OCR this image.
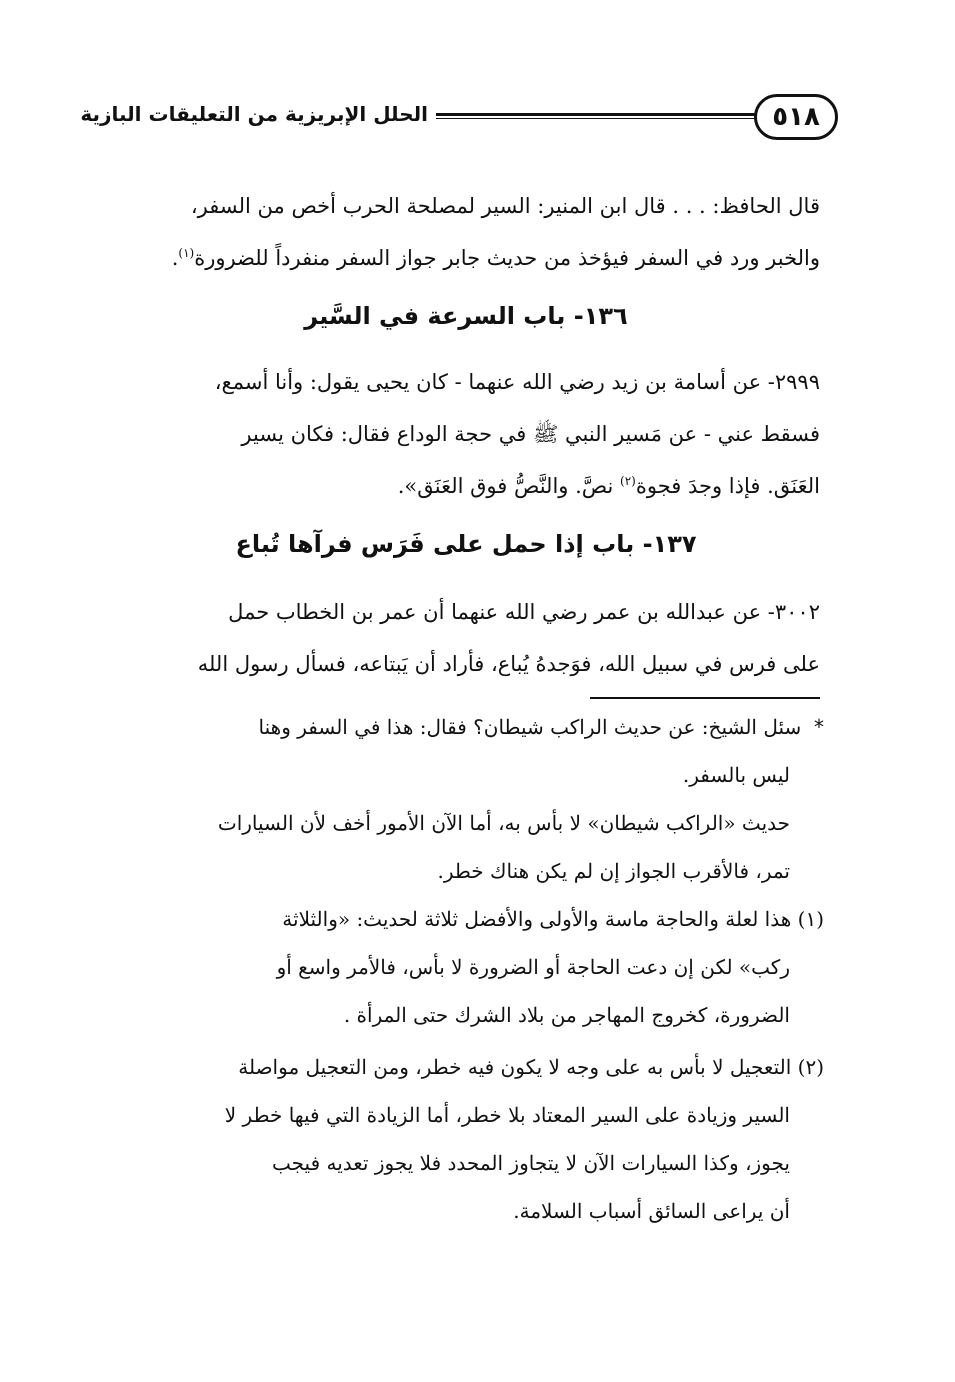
٥١٨
الحلل الإبريزية من التعليقات البازية
قال الحافظ: . . . قال ابن المنير: السير لمصلحة الحرب أخص من السفر،
والخبر ورد في السفر فيؤخذ من حديث جابر جواز السفر منفرداً للضرورة$^{(١)}$.
١٣٦- باب السرعة في السَّير
٢٩٩٩- عن أسامة بن زيد رضي الله عنهما - كان يحيى يقول: وأنا أسمع،
فسقط عني - عن مَسير النبي ﷺ في حجة الوداع فقال: فكان يسير
العَنَق. فإذا وجدَ فجوة$^{(٢)}$ نصَّ. والنَّصُّ فوق العَنَق».
١٣٧- باب إذا حمل على فَرَس فرآها تُباع
٣٠٠٢- عن عبدالله بن عمر رضي الله عنهما أن عمر بن الخطاب حمل
على فرس في سبيل الله، فوَجدهُ يُباع، فأراد أن يَبتاعه، فسأل رسول الله
*  سئل الشيخ: عن حديث الراكب شيطان؟ فقال: هذا في السفر وهنا
ليس بالسفر.
حديث «الراكب شيطان» لا بأس به، أما الآن الأمور أخف لأن السيارات
تمر، فالأقرب الجواز إن لم يكن هناك خطر.
(١) هذا لعلة والحاجة ماسة والأولى والأفضل ثلاثة لحديث: «والثلاثة
ركب» لكن إن دعت الحاجة أو الضرورة لا بأس، فالأمر واسع أو
الضرورة، كخروج المهاجر من بلاد الشرك حتى المرأة .
(٢) التعجيل لا بأس به على وجه لا يكون فيه خطر، ومن التعجيل مواصلة
السير وزيادة على السير المعتاد بلا خطر، أما الزيادة التي فيها خطر لا
يجوز، وكذا السيارات الآن لا يتجاوز المحدد فلا يجوز تعديه فيجب
أن يراعى السائق أسباب السلامة.
